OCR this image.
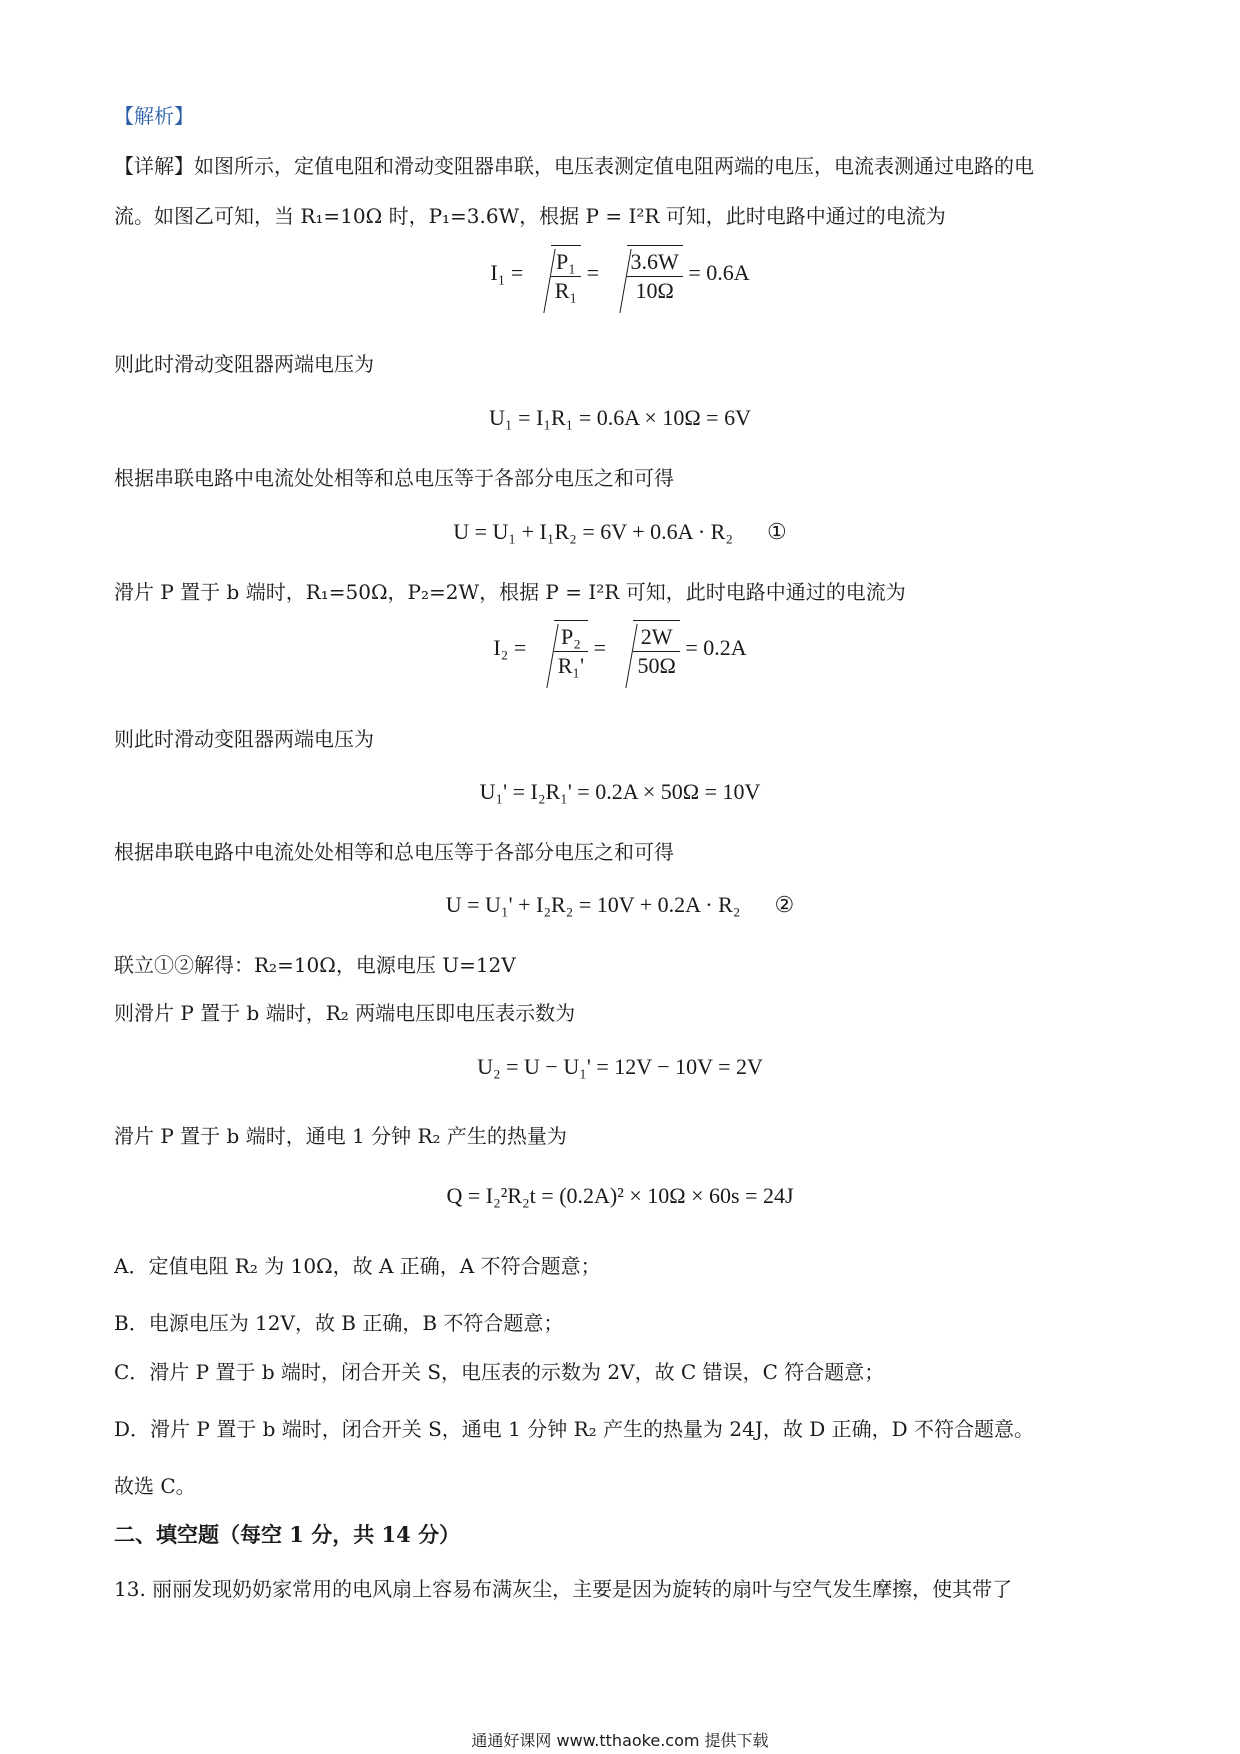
【解析】
【详解】如图所示，定值电阻和滑动变阻器串联，电压表测定值电阻两端的电压，电流表测通过电路的电
流。如图乙可知，当 R₁=10Ω 时，P₁=3.6W，根据 P = I²R 可知，此时电路中通过的电流为
$I_1 = \frac{\text{P₁}}{\text{R₁}} = \frac{3.6W}{10\Omega} = 0.6A$
则此时滑动变阻器两端电压为
U₁ = I₁R₁ = 0.6A × 10Ω = 6V
根据串联电路中电流处处相等和总电压等于各部分电压之和可得
U = U₁ + I₁R₂ = 6V + 0.6A · R₂ ①
滑片 P 置于 b 端时，R₁=50Ω，P₂=2W，根据 P = I²R 可知，此时电路中通过的电流为
$I_2 = \frac{\text{P₂}}{\text{R₁'}} = \frac{2W}{50\Omega} = 0.2A$
则此时滑动变阻器两端电压为
U₁' = I₂R₁' = 0.2A × 50Ω = 10V
根据串联电路中电流处处相等和总电压等于各部分电压之和可得
U = U₁' + I₂R₂ = 10V + 0.2A · R₂ ②
联立①②解得：R₂=10Ω，电源电压 U=12V
则滑片 P 置于 b 端时，R₂ 两端电压即电压表示数为
U₂ = U − U₁' = 12V − 10V = 2V
滑片 P 置于 b 端时，通电 1 分钟 R₂ 产生的热量为
Q = I₂²R₂t = (0.2A)² × 10Ω × 60s = 24J
A．定值电阻 R₂ 为 10Ω，故 A 正确，A 不符合题意；
B．电源电压为 12V，故 B 正确，B 不符合题意；
C．滑片 P 置于 b 端时，闭合开关 S，电压表的示数为 2V，故 C 错误，C 符合题意；
D．滑片 P 置于 b 端时，闭合开关 S，通电 1 分钟 R₂ 产生的热量为 24J，故 D 正确，D 不符合题意。
故选 C。
二、填空题（每空 1 分，共 14 分）
13. 丽丽发现奶奶家常用的电风扇上容易布满灰尘，主要是因为旋转的扇叶与空气发生摩擦，使其带了
通通好课网 www.tthaoke.com 提供下载
